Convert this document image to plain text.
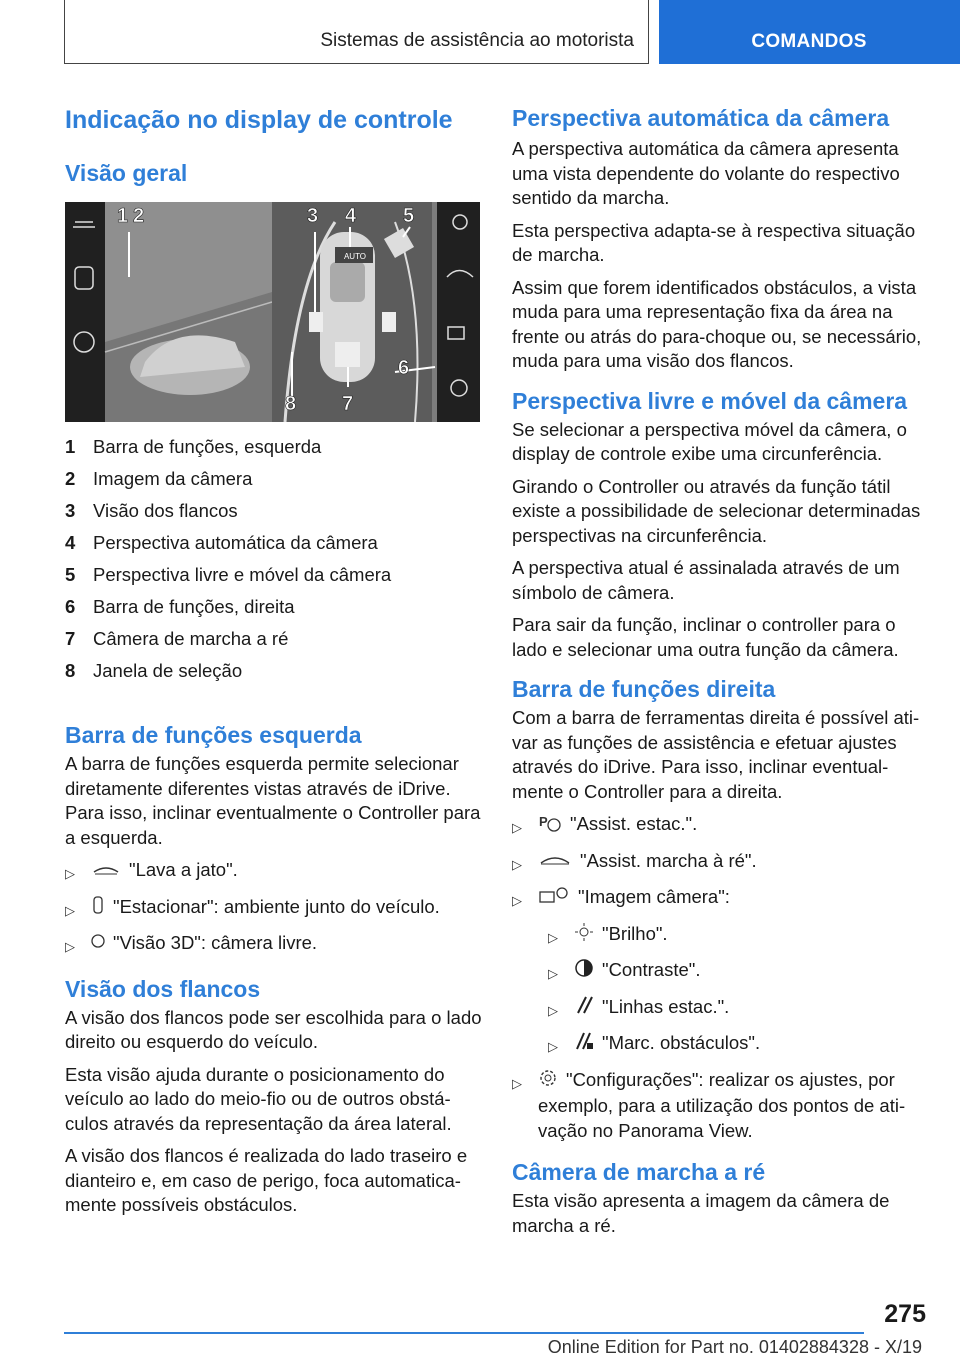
Sistemas de assistência ao motorista	COMANDOS
Indicação no display de controle
Visão geral
AUTO
1 2	3 4 5
6
7
8
1 Barra de funções, esquerda
2 Imagem da câmera
3 Visão dos flancos
4 Perspectiva automática da câmera
5 Perspectiva livre e móvel da câmera
6 Barra de funções, direita
7 Câmera de marcha a ré
8 Janela de seleção
Barra de funções esquerda

A barra de funções esquerda permite selecionar diretamente diferentes vistas através de iDrive. Para isso, inclinar eventualmente o Controller para a esquerda.

▷	"Lava a jato".
▷	"Estacionar": ambiente junto do veículo.
▷	"Visão 3D": câmera livre.
Visão dos flancos

A visão dos flancos pode ser escolhida para o lado direito ou esquerdo do veículo.

Esta visão ajuda durante o posicionamento do veículo ao lado do meio-fio ou de outros obstáculos através da representação da área lateral.

A visão dos flancos é realizada do lado traseiro e dianteiro e, em caso de perigo, foca automaticamente possíveis obstáculos.

Perspectiva automática da câmera

A perspectiva automática da câmera apresenta uma vista dependente do volante do respectivo sentido da marcha.

Esta perspectiva adapta-se à respectiva situação de marcha.

Assim que forem identificados obstáculos, a vista muda para uma representação fixa da área na frente ou atrás do para-choque ou, se necessário, muda para uma visão dos flancos.

Perspectiva livre e móvel da câmera

Se selecionar a perspectiva móvel da câmera, o display de controle exibe uma circunferência.

Girando o Controller ou através da função tátil existe a possibilidade de selecionar determinadas perspectivas na circunferência.

A perspectiva atual é assinalada através de um símbolo de câmera.

Para sair da função, inclinar o controller para o lado e selecionar uma outra função da câmera.

Barra de funções direita

Com a barra de ferramentas direita é possível ativar as funções de assistência e efetuar ajustes através do iDrive. Para isso, inclinar eventualmente o Controller para a direita.

▷	P "Assist. estac.".
▷	"Assist. marcha à ré".
▷	"Imagem câmera":
▷	"Brilho".
▷	"Contraste".
▷	"Linhas estac.".
▷	"Marc. obstáculos".
▷	"Configurações": realizar os ajustes, por exemplo, para a utilização dos pontos de ativação no Panorama View.
Câmera de marcha a ré

Esta visão apresenta a imagem da câmera de marcha a ré.

275
Online Edition for Part no. 01402884328 - X/19
